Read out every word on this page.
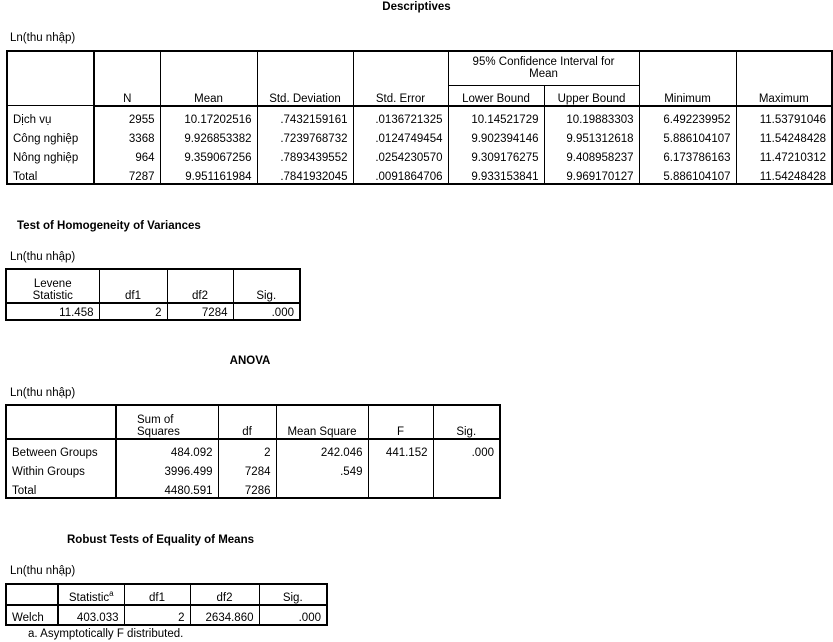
Descriptives
Ln(thu nhập)
	N	Mean	Std. Deviation	Std. Error	95% Confidence Interval for Mean		Minimum	Maximum
					Lower Bound	Upper Bound		
Dịch vụ	2955	10.17202516	.7432159161	.0136721325	10.14521729	10.19883303	6.492239952	11.53791046
Công nghiệp	3368	9.926853382	.7239768732	.0124749454	9.902394146	9.951312618	5.886104107	11.54248428
Nông nghiệp	964	9.359067256	.7893439552	.0254230570	9.309176275	9.408958237	6.173786163	11.47210312
Total	7287	9.951161984	.7841932045	.0091864706	9.933153841	9.969170127	5.886104107	11.54248428
Test of Homogeneity of Variances
Ln(thu nhập)
Levene Statistic	df1	df2	Sig.
11.458	2	7284	.000
ANOVA
Ln(thu nhập)
	Sum of Squares	df	Mean Square	F	Sig.
Between Groups	484.092	2	242.046	441.152	.000
Within Groups	3996.499	7284	.549		
Total	4480.591	7286			
Robust Tests of Equality of Means
Ln(thu nhập)
	Statistic$^a$	df1	df2	Sig.
Welch	403.033	2	2634.860	.000
a. Asymptotically F distributed.
